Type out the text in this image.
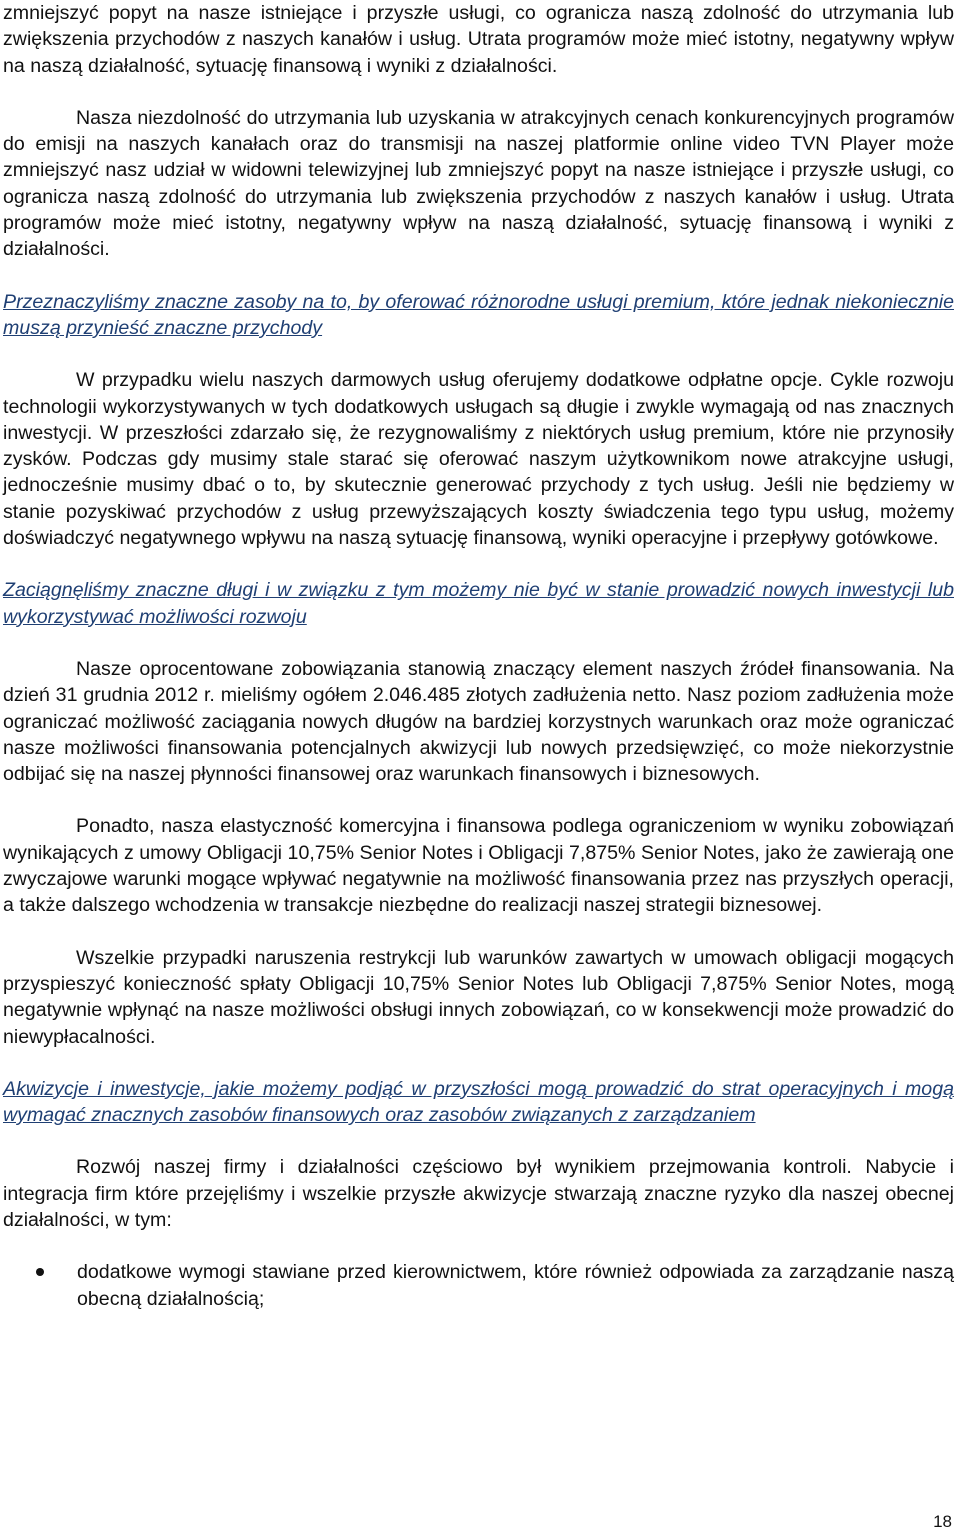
zmniejszyć popyt na nasze istniejące i przyszłe usługi, co ogranicza naszą zdolność do utrzymania lub zwiększenia przychodów z naszych kanałów i usług. Utrata programów może mieć istotny, negatywny wpływ na naszą działalność, sytuację finansową i wyniki z działalności.

Nasza niezdolność do utrzymania lub uzyskania w atrakcyjnych cenach konkurencyjnych programów do emisji na naszych kanałach oraz do transmisji na naszej platformie online video TVN Player może zmniejszyć nasz udział w widowni telewizyjnej lub zmniejszyć popyt na nasze istniejące i przyszłe usługi, co ogranicza naszą zdolność do utrzymania lub zwiększenia przychodów z naszych kanałów i usług. Utrata programów może mieć istotny, negatywny wpływ na naszą działalność, sytuację finansową i wyniki z działalności.

Przeznaczyliśmy znaczne zasoby na to, by oferować różnorodne usługi premium, które jednak niekoniecznie muszą przynieść znaczne przychody

W przypadku wielu naszych darmowych usług oferujemy dodatkowe odpłatne opcje. Cykle rozwoju technologii wykorzystywanych w tych dodatkowych usługach są długie i zwykle wymagają od nas znacznych inwestycji. W przeszłości zdarzało się, że rezygnowaliśmy z niektórych usług premium, które nie przynosiły zysków. Podczas gdy musimy stale starać się oferować naszym użytkownikom nowe atrakcyjne usługi, jednocześnie musimy dbać o to, by skutecznie generować przychody z tych usług. Jeśli nie będziemy w stanie pozyskiwać przychodów z usług przewyższających koszty świadczenia tego typu usług, możemy doświadczyć negatywnego wpływu na naszą sytuację finansową, wyniki operacyjne i przepływy gotówkowe.

Zaciągnęliśmy znaczne długi i w związku z tym możemy nie być w stanie prowadzić nowych inwestycji lub wykorzystywać możliwości rozwoju

Nasze oprocentowane zobowiązania stanowią znaczący element naszych źródeł finansowania. Na dzień 31 grudnia 2012 r. mieliśmy ogółem 2.046.485 złotych zadłużenia netto. Nasz poziom zadłużenia może ograniczać możliwość zaciągania nowych długów na bardziej korzystnych warunkach oraz może ograniczać nasze możliwości finansowania potencjalnych akwizycji lub nowych przedsięwzięć, co może niekorzystnie odbijać się na naszej płynności finansowej oraz warunkach finansowych i biznesowych.

Ponadto, nasza elastyczność komercyjna i finansowa podlega ograniczeniom w wyniku zobowiązań wynikających z umowy Obligacji 10,75% Senior Notes i Obligacji 7,875% Senior Notes, jako że zawierają one zwyczajowe warunki mogące wpływać negatywnie na możliwość finansowania przez nas przyszłych operacji, a także dalszego wchodzenia w transakcje niezbędne do realizacji naszej strategii biznesowej.

Wszelkie przypadki naruszenia restrykcji lub warunków zawartych w umowach obligacji mogących przyspieszyć konieczność spłaty Obligacji 10,75% Senior Notes lub Obligacji 7,875% Senior Notes, mogą negatywnie wpłynąć na nasze możliwości obsługi innych zobowiązań, co w konsekwencji może prowadzić do niewypłacalności.

Akwizycje i inwestycje, jakie możemy podjąć w przyszłości mogą prowadzić do strat operacyjnych i mogą wymagać znacznych zasobów finansowych oraz zasobów związanych z zarządzaniem

Rozwój naszej firmy i działalności częściowo był wynikiem przejmowania kontroli. Nabycie i integracja firm które przejęliśmy i wszelkie przyszłe akwizycje stwarzają znaczne ryzyko dla naszej obecnej działalności, w tym:

dodatkowe wymogi stawiane przed kierownictwem, które również odpowiada za zarządzanie naszą obecną działalnością;
18
